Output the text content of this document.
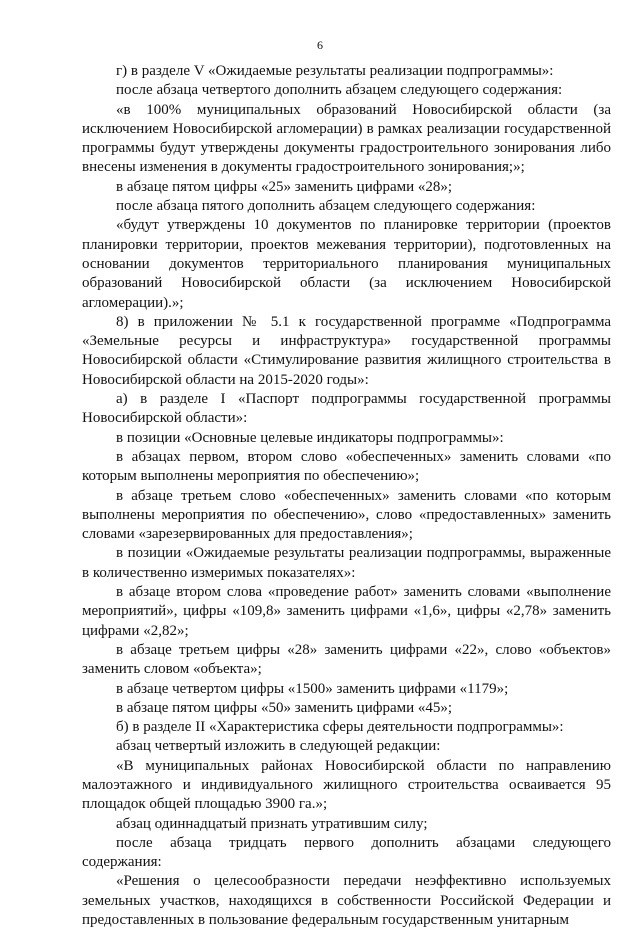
6

г) в разделе V «Ожидаемые результаты реализации подпрограммы»:

после абзаца четвертого дополнить абзацем следующего содержания:

«в 100% муниципальных образований Новосибирской области (за исключением Новосибирской агломерации) в рамках реализации государственной программы будут утверждены документы градостроительного зонирования либо внесены изменения в документы градостроительного зонирования;»;

в абзаце пятом цифры «25» заменить цифрами «28»;

после абзаца пятого дополнить абзацем следующего содержания:

«будут утверждены 10 документов по планировке территории (проектов планировки территории, проектов межевания территории), подготовленных на основании документов территориального планирования муниципальных образований Новосибирской области (за исключением Новосибирской агломерации).»;

8) в приложении № 5.1 к государственной программе «Подпрограмма «Земельные ресурсы и инфраструктура» государственной программы Новосибирской области «Стимулирование развития жилищного строительства в Новосибирской области на 2015-2020 годы»:

а) в разделе I «Паспорт подпрограммы государственной программы Новосибирской области»:

в позиции «Основные целевые индикаторы подпрограммы»:

в абзацах первом, втором слово «обеспеченных» заменить словами «по которым выполнены мероприятия по обеспечению»;

в абзаце третьем слово «обеспеченных» заменить словами «по которым выполнены мероприятия по обеспечению», слово «предоставленных» заменить словами «зарезервированных для предоставления»;

в позиции «Ожидаемые результаты реализации подпрограммы, выраженные в количественно измеримых показателях»:

в абзаце втором слова «проведение работ» заменить словами «выполнение мероприятий», цифры «109,8» заменить цифрами «1,6», цифры «2,78» заменить цифрами «2,82»;

в абзаце третьем цифры «28» заменить цифрами «22», слово «объектов» заменить словом «объекта»;

в абзаце четвертом цифры «1500» заменить цифрами «1179»;

в абзаце пятом цифры «50» заменить цифрами «45»;

б) в разделе II «Характеристика сферы деятельности подпрограммы»:

абзац четвертый изложить в следующей редакции:

«В муниципальных районах Новосибирской области по направлению малоэтажного и индивидуального жилищного строительства осваивается 95 площадок общей площадью 3900 га.»;

абзац одиннадцатый признать утратившим силу;

после абзаца тридцать первого дополнить абзацами следующего содержания:

«Решения о целесообразности передачи неэффективно используемых земельных участков, находящихся в собственности Российской Федерации и предоставленных в пользование федеральным государственным унитарным
